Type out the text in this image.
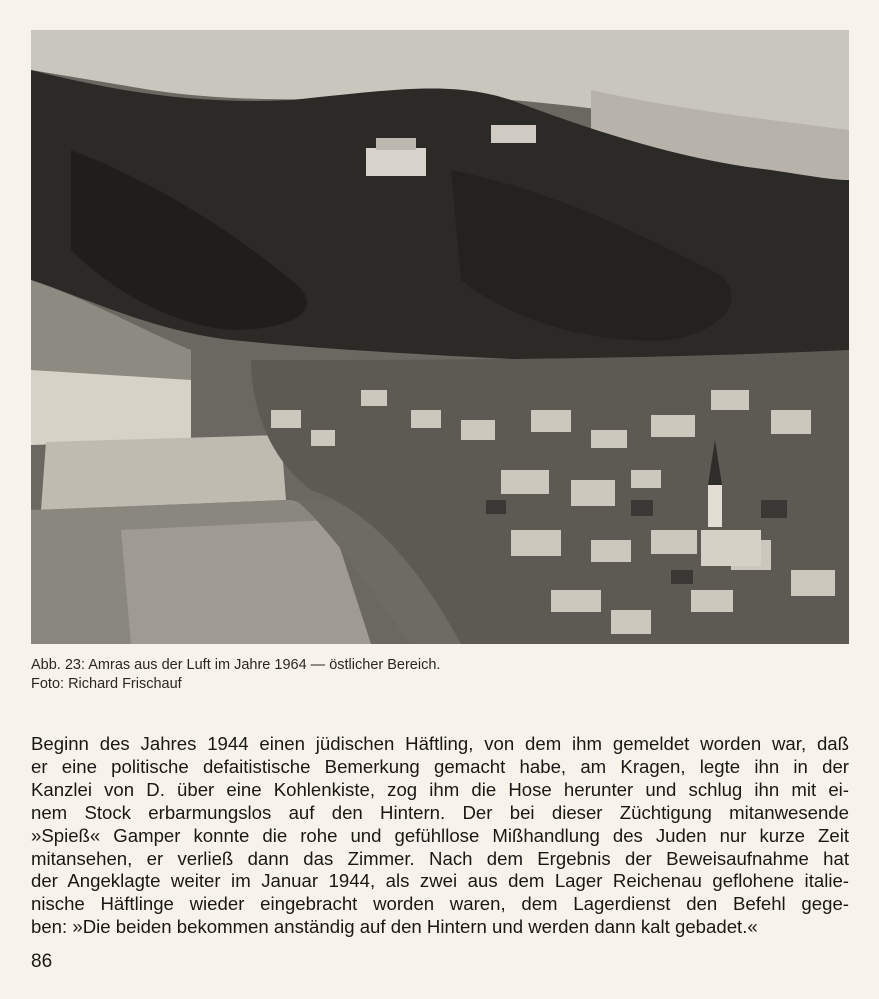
Abb. 23: Amras aus der Luft im Jahre 1964 — östlicher Bereich.
Foto: Richard Frischauf
Beginn des Jahres 1944 einen jüdischen Häftling, von dem ihm gemeldet worden war, daß
er eine politische defaitistische Bemerkung gemacht habe, am Kragen, legte ihn in der
Kanzlei von D. über eine Kohlenkiste, zog ihm die Hose herunter und schlug ihn mit ei-
nem Stock erbarmungslos auf den Hintern. Der bei dieser Züchtigung mitanwesende
»Spieß« Gamper konnte die rohe und gefühllose Mißhandlung des Juden nur kurze Zeit
mitansehen, er verließ dann das Zimmer. Nach dem Ergebnis der Beweisaufnahme hat
der Angeklagte weiter im Januar 1944, als zwei aus dem Lager Reichenau geflohene italie-
nische Häftlinge wieder eingebracht worden waren, dem Lagerdienst den Befehl gege-
ben: »Die beiden bekommen anständig auf den Hintern und werden dann kalt gebadet.«
86
